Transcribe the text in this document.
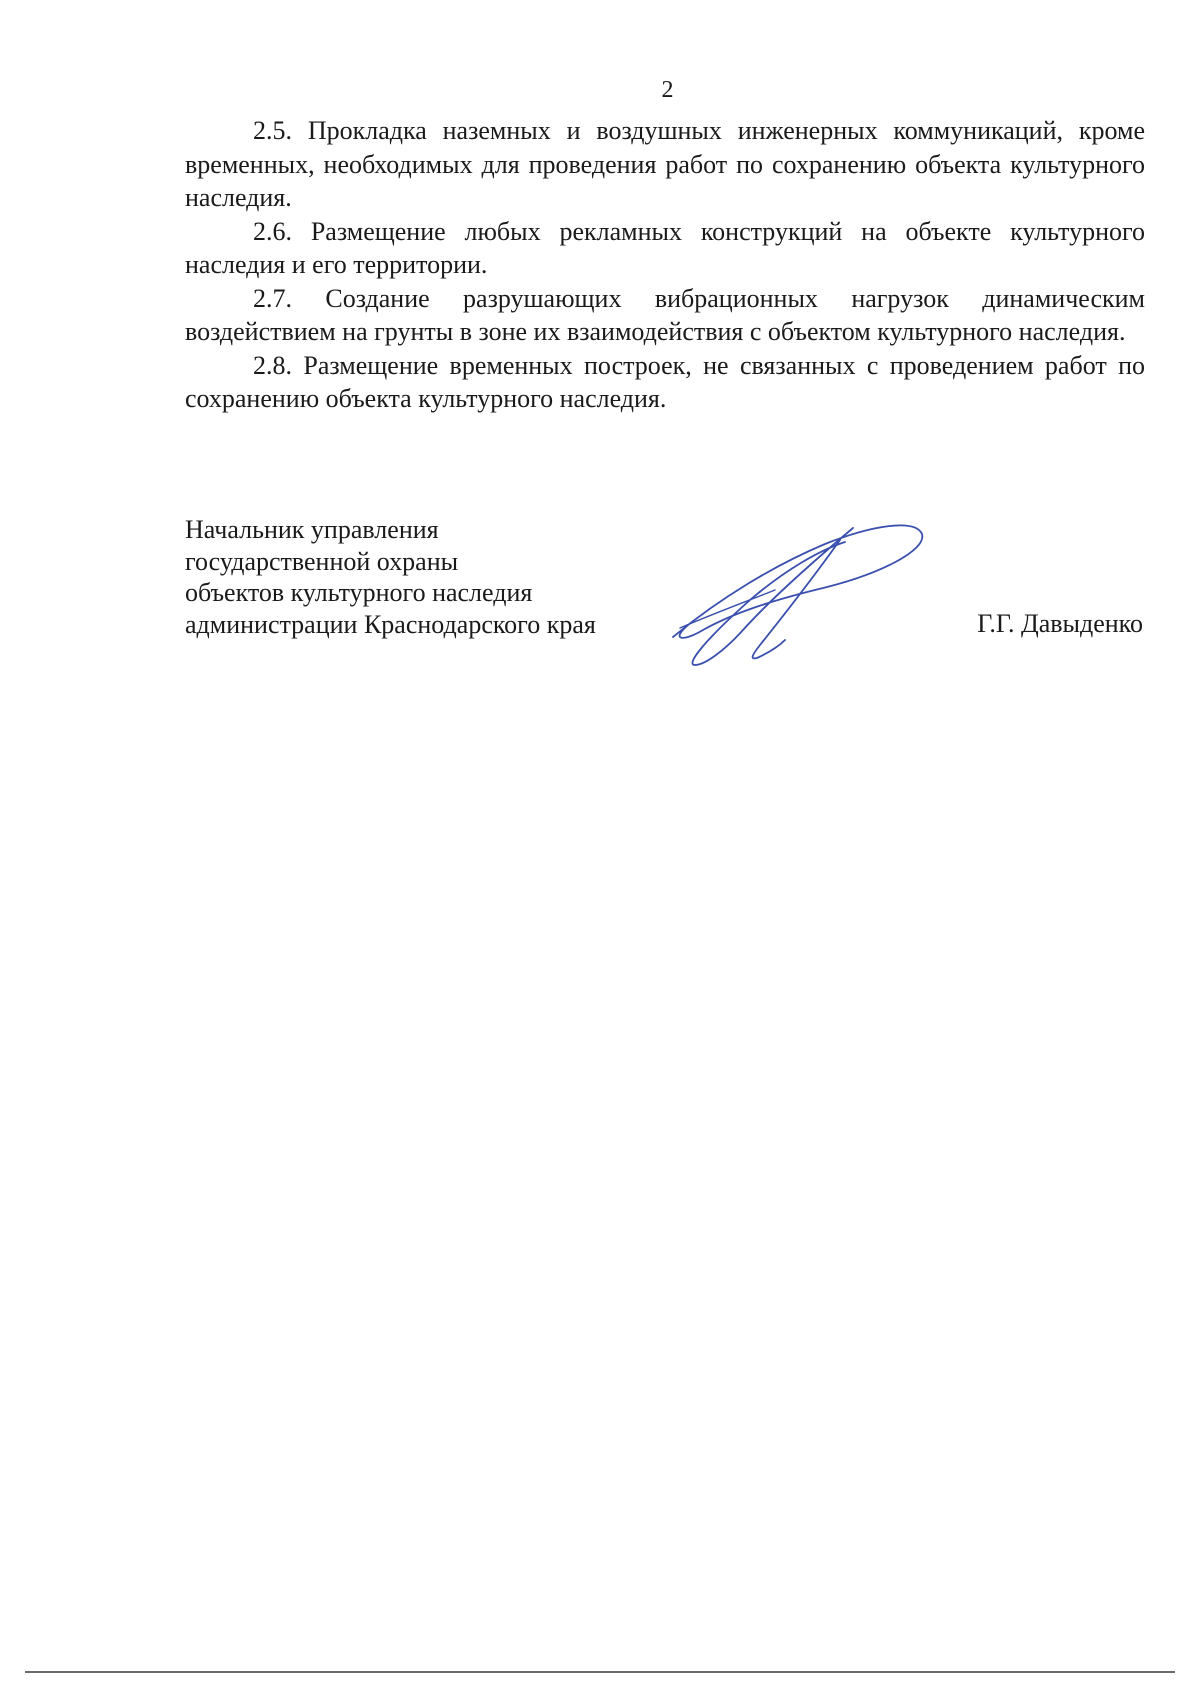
2

2.5. Прокладка наземных и воздушных инженерных коммуникаций, кроме временных, необходимых для проведения работ по сохранению объекта культурного наследия.

2.6. Размещение любых рекламных конструкций на объекте культурного наследия и его территории.

2.7. Создание разрушающих вибрационных нагрузок динамическим воздействием на грунты в зоне их взаимодействия с объектом культурного наследия.

2.8. Размещение временных построек, не связанных с проведением работ по сохранению объекта культурного наследия.

Начальник управления
государственной охраны
объектов культурного наследия
администрации Краснодарского края	Г.Г. Давыденко
